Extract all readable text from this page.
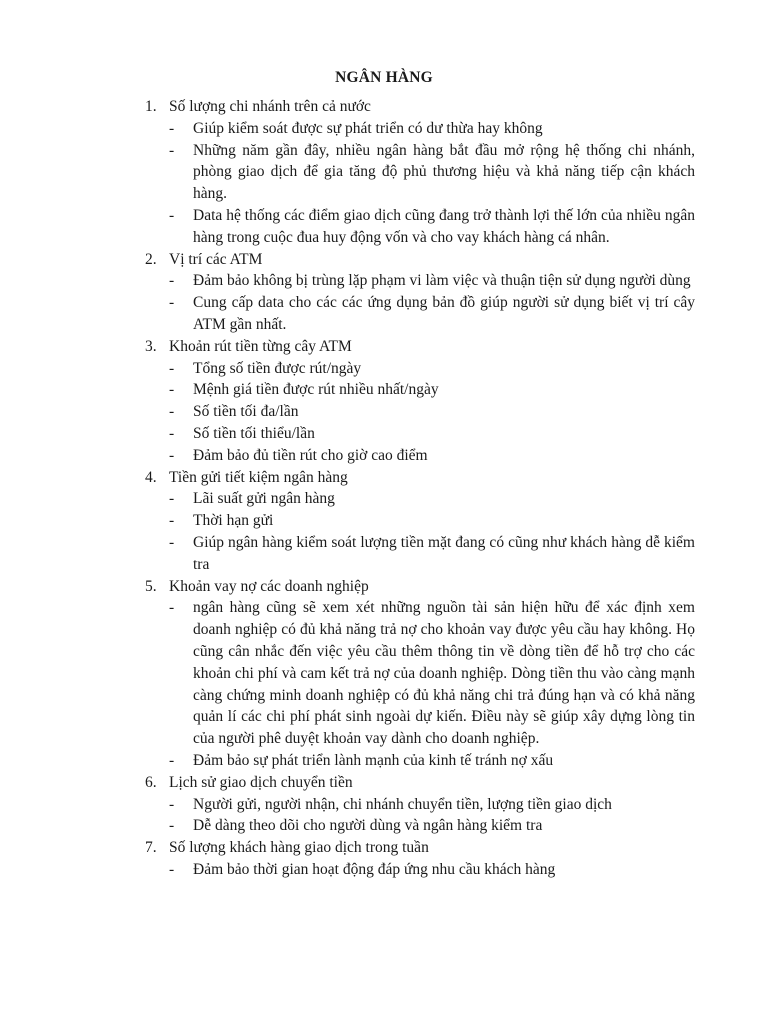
NGÂN HÀNG
1. Số lượng chi nhánh trên cả nước
-	Giúp kiểm soát được sự phát triển có dư thừa hay không
-	Những năm gần đây, nhiều ngân hàng bắt đầu mở rộng hệ thống chi nhánh, phòng giao dịch để gia tăng độ phủ thương hiệu và khả năng tiếp cận khách hàng.
-	Data hệ thống các điểm giao dịch cũng đang trở thành lợi thế lớn của nhiều ngân hàng trong cuộc đua huy động vốn và cho vay khách hàng cá nhân.
2. Vị trí các ATM
-	Đảm bảo không bị trùng lặp phạm vi làm việc và thuận tiện sử dụng người dùng
-	Cung cấp data cho các các ứng dụng bản đồ giúp người sử dụng biết vị trí cây ATM gần nhất.
3. Khoản rút tiền từng cây ATM
-	Tổng số tiền được rút/ngày
-	Mệnh giá tiền được rút nhiều nhất/ngày
-	Số tiền tối đa/lần
-	Số tiền tối thiểu/lần
-	Đảm bảo đủ tiền rút cho giờ cao điểm
4. Tiền gửi tiết kiệm ngân hàng
-	Lãi suất gửi ngân hàng
-	Thời hạn gửi
-	Giúp ngân hàng kiểm soát lượng tiền mặt đang có cũng như khách hàng dễ kiểm tra
5. Khoản vay nợ các doanh nghiệp
-	ngân hàng cũng sẽ xem xét những nguồn tài sản hiện hữu để xác định xem doanh nghiệp có đủ khả năng trả nợ cho khoản vay được yêu cầu hay không. Họ cũng cân nhắc đến việc yêu cầu thêm thông tin về dòng tiền để hỗ trợ cho các khoản chi phí và cam kết trả nợ của doanh nghiệp. Dòng tiền thu vào càng mạnh càng chứng minh doanh nghiệp có đủ khả năng chi trả đúng hạn và có khả năng quản lí các chi phí phát sinh ngoài dự kiến. Điều này sẽ giúp xây dựng lòng tin của người phê duyệt khoản vay dành cho doanh nghiệp.
-	Đảm bảo sự phát triển lành mạnh của kinh tế tránh nợ xấu
6. Lịch sử giao dịch chuyển tiền
-	Người gửi, người nhận, chi nhánh chuyển tiền, lượng tiền giao dịch
-	Dễ dàng theo dõi cho người dùng và ngân hàng kiểm tra
7. Số lượng khách hàng giao dịch trong tuần
-	Đảm bảo thời gian hoạt động đáp ứng nhu cầu khách hàng
